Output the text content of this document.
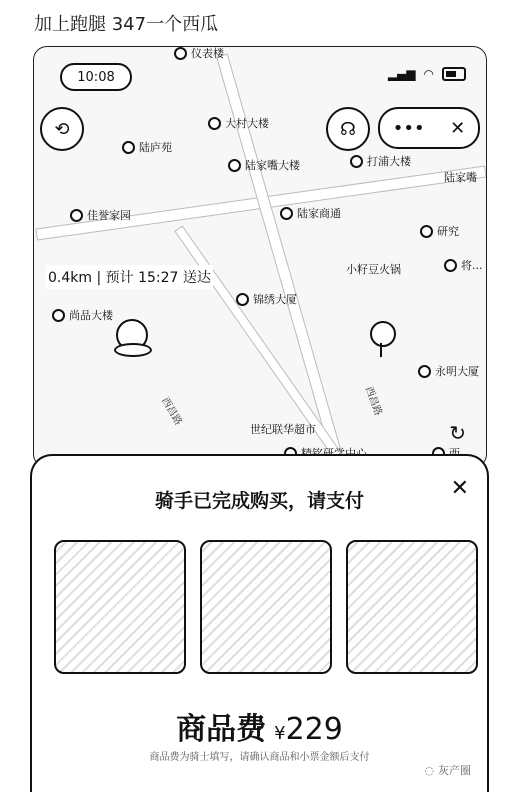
加上跑腿 347一个西瓜
10:08	▂▄▆ ◠
⟲	☊ ••• ✕
大村大楼
陆庐苑
陆家嘴大楼	打浦大楼
陆家嘴
佳誉家园	陆家商通
研究
小籽豆火锅	将...
锦绣大厦
尚品大楼
永明大厦
世纪联华超市
仪表楼
西昌路	西昌路
0.4km | 预计 15:27 送达
↻
骑手已完成购买，请支付	✕
商品费 ¥229
商品费为骑士填写，请确认商品和小票金额后支付
◌ 灰产圈
